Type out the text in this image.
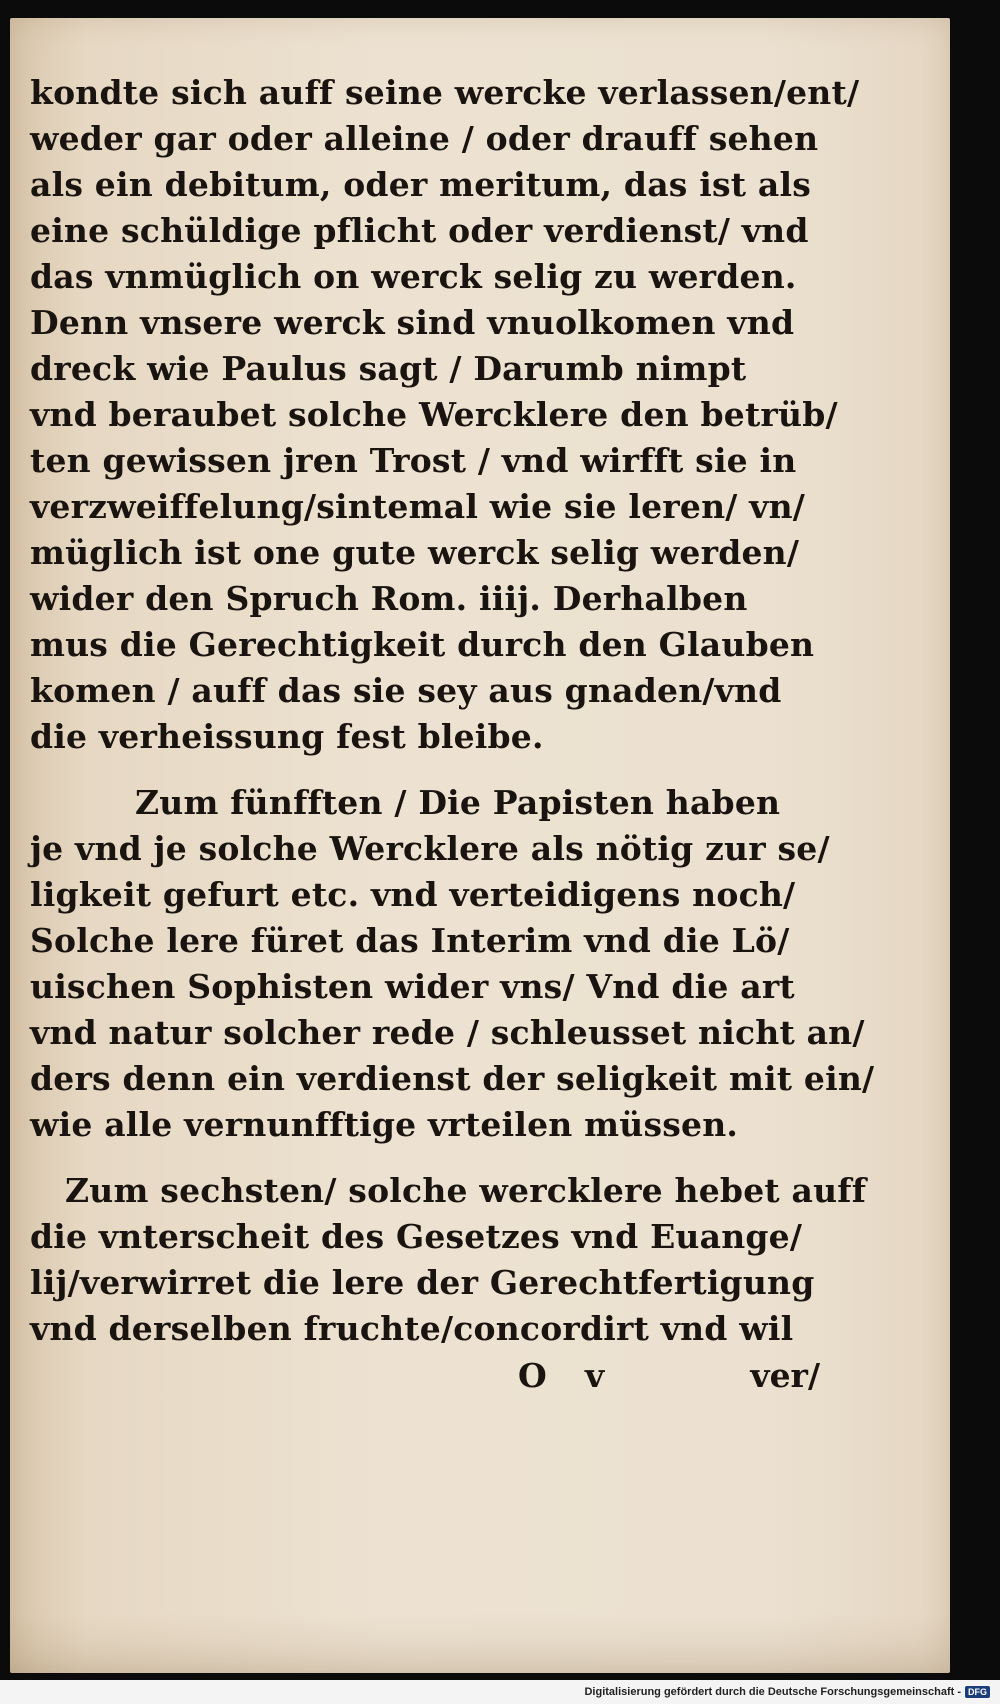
kondte sich auff seine wercke verlassen/ent/
weder gar oder alleine / oder drauff sehen
als ein debitum, oder meritum, das ist als
eine schüldige pflicht oder verdienst/ vnd
das vnmüglich on werck selig zu werden.
Denn vnsere werck sind vnuolkomen vnd
dreck wie Paulus sagt / Darumb nimpt
vnd beraubet solche Wercklere den betrüb/
ten gewissen jren Trost / vnd wirfft sie in
verzweiffelung/sintemal wie sie leren/ vn/
müglich ist one gute werck selig werden/
wider den Spruch Rom. iiij. Derhalben
mus die Gerechtigkeit durch den Glauben
komen / auff das sie sey aus gnaden/vnd
die verheissung fest bleibe.
Zum fünfften / Die Papisten haben
je vnd je solche Wercklere als nötig zur se/
ligkeit gefurt etc. vnd verteidigens noch/
Solche lere füret das Interim vnd die Lö/
uischen Sophisten wider vns/ Vnd die art
vnd natur solcher rede / schleusset nicht an/
ders denn ein verdienst der seligkeit mit ein/
wie alle vernunfftige vrteilen müssen.
Zum sechsten/ solche wercklere hebet auff
die vnterscheit des Gesetzes vnd Euange/
lij/verwirret die lere der Gerechtfertigung
vnd derselben fruchte/concordirt vnd wil
O v	ver/
Digitalisierung gefördert durch die Deutsche Forschungsgemeinschaft - DFG
